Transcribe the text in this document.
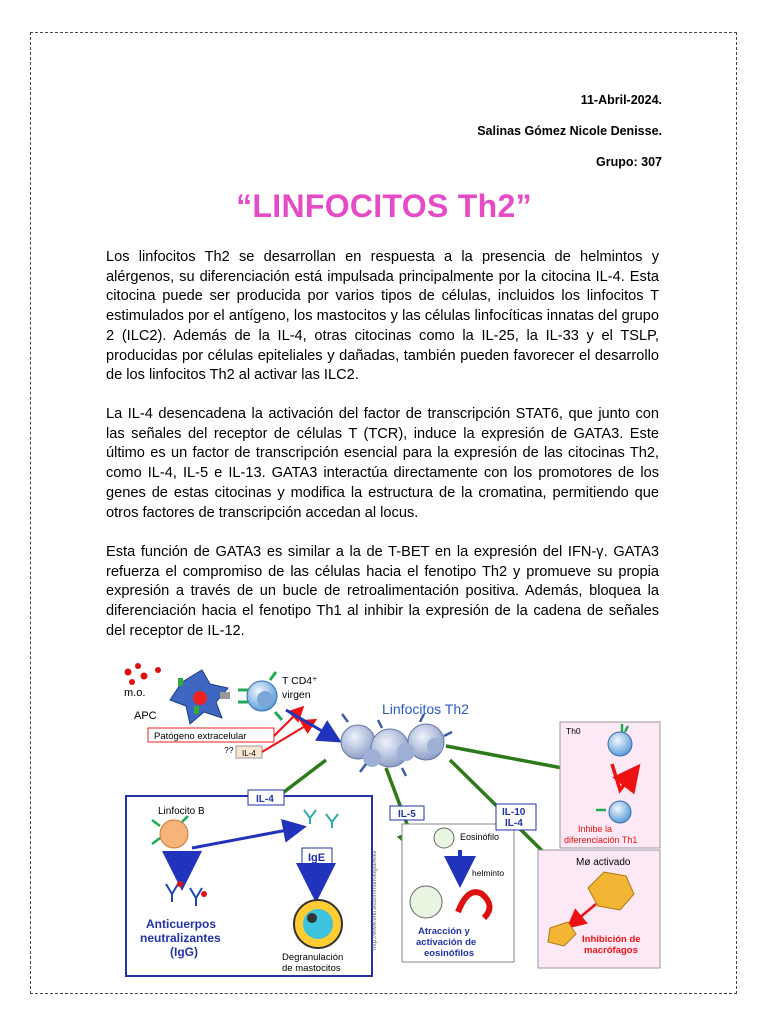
11-Abril-2024.
Salinas Gómez Nicole Denisse.
Grupo: 307
“LINFOCITOS Th2”
Los linfocitos Th2 se desarrollan en respuesta a la presencia de helmintos y alérgenos, su diferenciación está impulsada principalmente por la citocina IL-4. Esta citocina puede ser producida por varios tipos de células, incluidos los linfocitos T estimulados por el antígeno, los mastocitos y las células linfocíticas innatas del grupo 2 (ILC2). Además de la IL-4, otras citocinas como la IL-25, la IL-33 y el TSLP, producidas por células epiteliales y dañadas, también pueden favorecer el desarrollo de los linfocitos Th2 al activar las ILC2.
La IL-4 desencadena la activación del factor de transcripción STAT6, que junto con las señales del receptor de células T (TCR), induce la expresión de GATA3. Este último es un factor de transcripción esencial para la expresión de las citocinas Th2, como IL-4, IL-5 e IL-13. GATA3 interactúa directamente con los promotores de los genes de estas citocinas y modifica la estructura de la cromatina, permitiendo que otros factores de transcripción accedan al locus.
Esta función de GATA3 es similar a la de T-BET en la expresión del IFN-γ. GATA3 refuerza el compromiso de las células hacia el fenotipo Th2 y promueve su propia expresión a través de un bucle de retroalimentación positiva. Además, bloquea la diferenciación hacia el fenotipo Th1 al inhibir la expresión de la cadena de señales del receptor de IL-12.
m.o.
APC
T CD4⁺
virgen
Patógeno extracelular
?? IL-4
Linfocitos Th2
Th0
Inhibe la
diferenciación Th1
IL-4
Linfocito B
Anticuerpos
neutralizantes
(IgG)
IgE
Degranulación
de mastocitos
http://www.ehu.eus/immunologia/wiki/
IL-5
Eosinófilo
helminto
Atracción y
activación de
eosinófilos
IL-10
IL-4
Mø activado
Inhibición de
macrófagos
